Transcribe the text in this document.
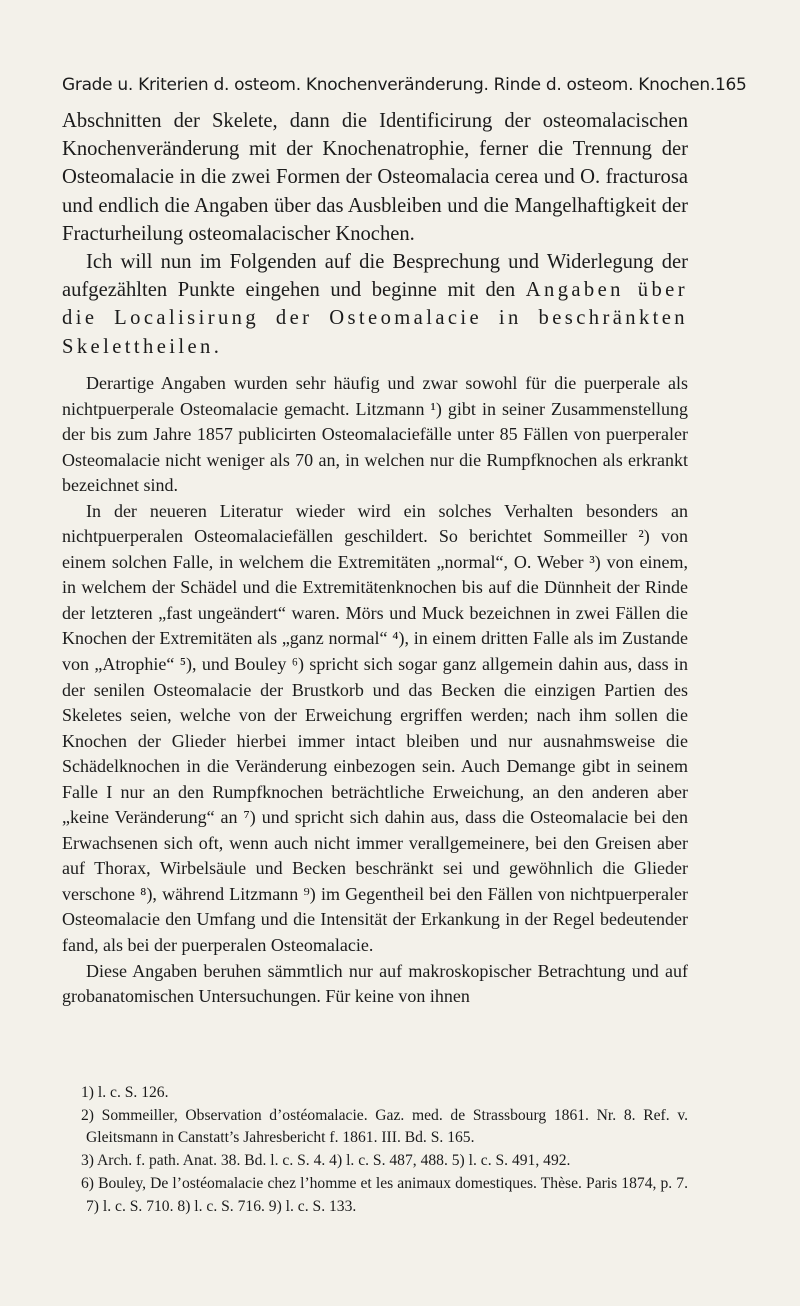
Grade u. Kriterien d. osteom. Knochenveränderung. Rinde d. osteom. Knochen. 165

Abschnitten der Skelete, dann die Identificirung der osteomalacischen Knochenveränderung mit der Knochenatrophie, ferner die Trennung der Osteomalacie in die zwei Formen der Osteomalacia cerea und O. fracturosa und endlich die Angaben über das Ausbleiben und die Mangelhaftigkeit der Fracturheilung osteomalacischer Knochen.

Ich will nun im Folgenden auf die Besprechung und Widerlegung der aufgezählten Punkte eingehen und beginne mit den Angaben über die Localisirung der Osteomalacie in beschränkten Skelettheilen.

Derartige Angaben wurden sehr häufig und zwar sowohl für die puerperale als nichtpuerperale Osteomalacie gemacht. Litzmann ¹) gibt in seiner Zusammenstellung der bis zum Jahre 1857 publicirten Osteomalaciefälle unter 85 Fällen von puerperaler Osteomalacie nicht weniger als 70 an, in welchen nur die Rumpfknochen als erkrankt bezeichnet sind.

In der neueren Literatur wieder wird ein solches Verhalten besonders an nichtpuerperalen Osteomalaciefällen geschildert. So berichtet Sommeiller ²) von einem solchen Falle, in welchem die Extremitäten „normal“, O. Weber ³) von einem, in welchem der Schädel und die Extremitätenknochen bis auf die Dünnheit der Rinde der letzteren „fast ungeändert“ waren. Mörs und Muck bezeichnen in zwei Fällen die Knochen der Extremitäten als „ganz normal“ ⁴), in einem dritten Falle als im Zustande von „Atrophie“ ⁵), und Bouley ⁶) spricht sich sogar ganz allgemein dahin aus, dass in der senilen Osteomalacie der Brustkorb und das Becken die einzigen Partien des Skeletes seien, welche von der Erweichung ergriffen werden; nach ihm sollen die Knochen der Glieder hierbei immer intact bleiben und nur ausnahmsweise die Schädelknochen in die Veränderung einbezogen sein. Auch Demange gibt in seinem Falle I nur an den Rumpfknochen beträchtliche Erweichung, an den anderen aber „keine Veränderung“ an ⁷) und spricht sich dahin aus, dass die Osteomalacie bei den Erwachsenen sich oft, wenn auch nicht immer verallgemeinere, bei den Greisen aber auf Thorax, Wirbelsäule und Becken beschränkt sei und gewöhnlich die Glieder verschone ⁸), während Litzmann ⁹) im Gegentheil bei den Fällen von nichtpuerperaler Osteomalacie den Umfang und die Intensität der Erkankung in der Regel bedeutender fand, als bei der puerperalen Osteomalacie.

Diese Angaben beruhen sämmtlich nur auf makroskopischer Betrachtung und auf grobanatomischen Untersuchungen. Für keine von ihnen

1) l. c. S. 126.

2) Sommeiller, Observation d’ostéomalacie. Gaz. med. de Strassbourg 1861. Nr. 8. Ref. v. Gleitsmann in Canstatt’s Jahresbericht f. 1861. III. Bd. S. 165.

3) Arch. f. path. Anat. 38. Bd. l. c. S. 4. 4) l. c. S. 487, 488. 5) l. c. S. 491, 492.

6) Bouley, De l’ostéomalacie chez l’homme et les animaux domestiques. Thèse. Paris 1874, p. 7. 7) l. c. S. 710. 8) l. c. S. 716. 9) l. c. S. 133.
